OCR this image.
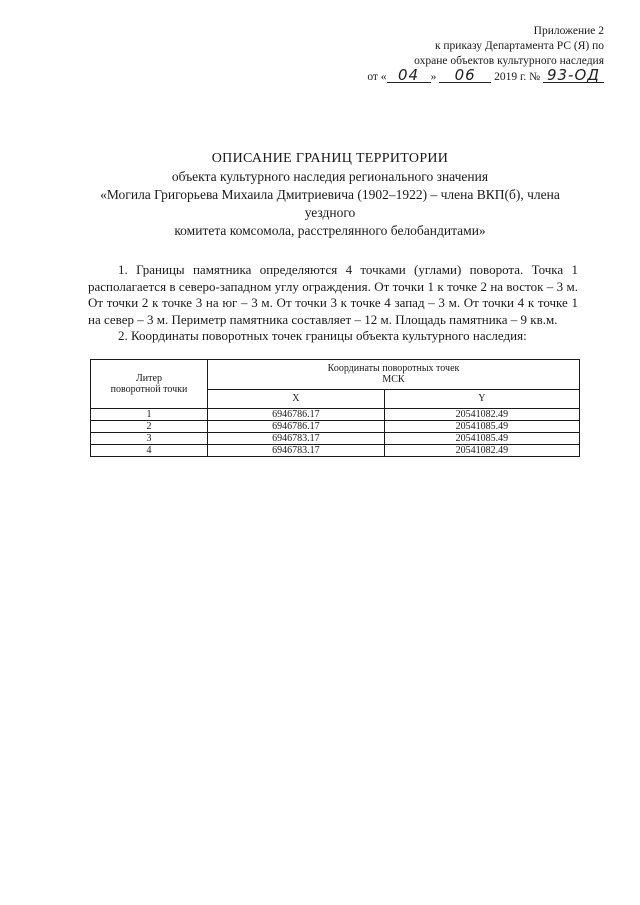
Приложение 2
к приказу Департамента РС (Я) по
охране объектов культурного наследия
от « 04 » 06 2019 г. № 93-ОД
ОПИСАНИЕ ГРАНИЦ ТЕРРИТОРИИ
объекта культурного наследия регионального значения
«Могила Григорьева Михаила Дмитриевича (1902–1922) – члена ВКП(б), члена уездного
комитета комсомола, расстрелянного белобандитами»

1. Границы памятника определяются 4 точками (углами) поворота. Точка 1 располагается в северо-западном углу ограждения. От точки 1 к точке 2 на восток – 3 м. От точки 2 к точке 3 на юг – 3 м. От точки 3 к точке 4 запад – 3 м. От точки 4 к точке 1 на север – 3 м. Периметр памятника составляет – 12 м. Площадь памятника – 9 кв.м.

2. Координаты поворотных точек границы объекта культурного наследия:

Литер
поворотной точки	Координаты поворотных точек
МСК	
	X	Y
1	6946786.17	20541082.49
2	6946786.17	20541085.49
3	6946783.17	20541085.49
4	6946783.17	20541082.49
